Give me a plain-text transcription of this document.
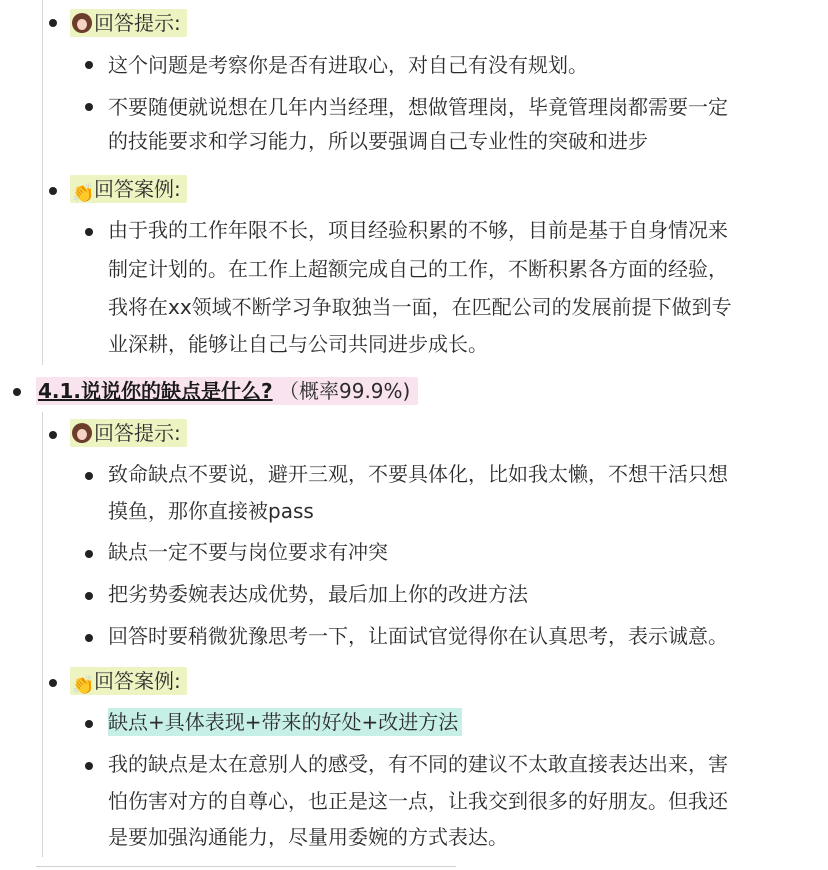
回答提示:
这个问题是考察你是否有进取心，对自己有没有规划。
不要随便就说想在几年内当经理，想做管理岗，毕竟管理岗都需要一定
的技能要求和学习能力，所以要强调自己专业性的突破和进步
👏回答案例:
由于我的工作年限不长，项目经验积累的不够，目前是基于自身情况来
制定计划的。在工作上超额完成自己的工作，不断积累各方面的经验，
我将在xx领域不断学习争取独当一面，在匹配公司的发展前提下做到专
业深耕，能够让自己与公司共同进步成长。
4.1.说说你的缺点是什么? （概率99.9%)
回答提示:
致命缺点不要说，避开三观，不要具体化，比如我太懒，不想干活只想
摸鱼，那你直接被pass
缺点一定不要与岗位要求有冲突
把劣势委婉表达成优势，最后加上你的改进方法
回答时要稍微犹豫思考一下，让面试官觉得你在认真思考，表示诚意。
👏回答案例:
缺点+具体表现+带来的好处+改进方法
我的缺点是太在意别人的感受，有不同的建议不太敢直接表达出来，害
怕伤害对方的自尊心，也正是这一点，让我交到很多的好朋友。但我还
是要加强沟通能力，尽量用委婉的方式表达。
